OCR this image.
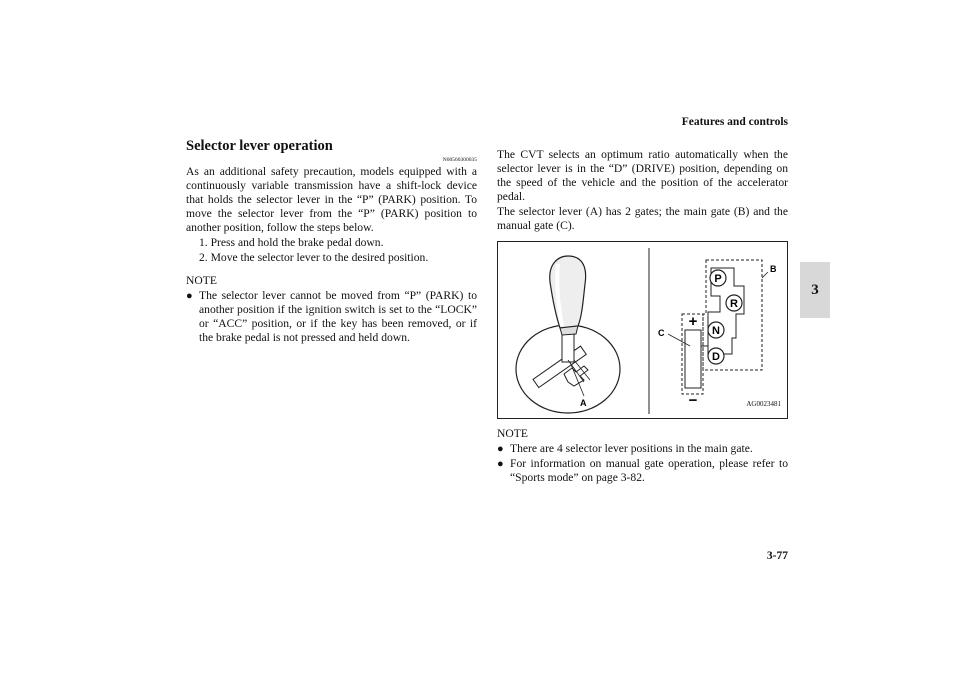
Features and controls
3
3-77
Selector lever operation
N00560300035

As an additional safety precaution, models equipped with a continuously variable transmission have a shift-lock device that holds the selector lever in the “P” (PARK) position. To move the selector lever from the “P” (PARK) position to another position, follow the steps below.

1. Press and hold the brake pedal down.
2. Move the selector lever to the desired position.
NOTE
● The selector lever cannot be moved from “P” (PARK) to another position if the ignition switch is set to the “LOCK” or “ACC” position, or if the key has been removed, or if the brake pedal is not pressed and held down.

The CVT selects an optimum ratio automatically when the selector lever is in the “D” (DRIVE) position, depending on the speed of the vehicle and the position of the accelerator pedal.

The selector lever (A) has 2 gates; the main gate (B) and the manual gate (C).

A
P
R
N
D
+
−
B
C
AG0023481
NOTE
● There are 4 selector lever positions in the main gate.
● For information on manual gate operation, please refer to “Sports mode” on page 3-82.
